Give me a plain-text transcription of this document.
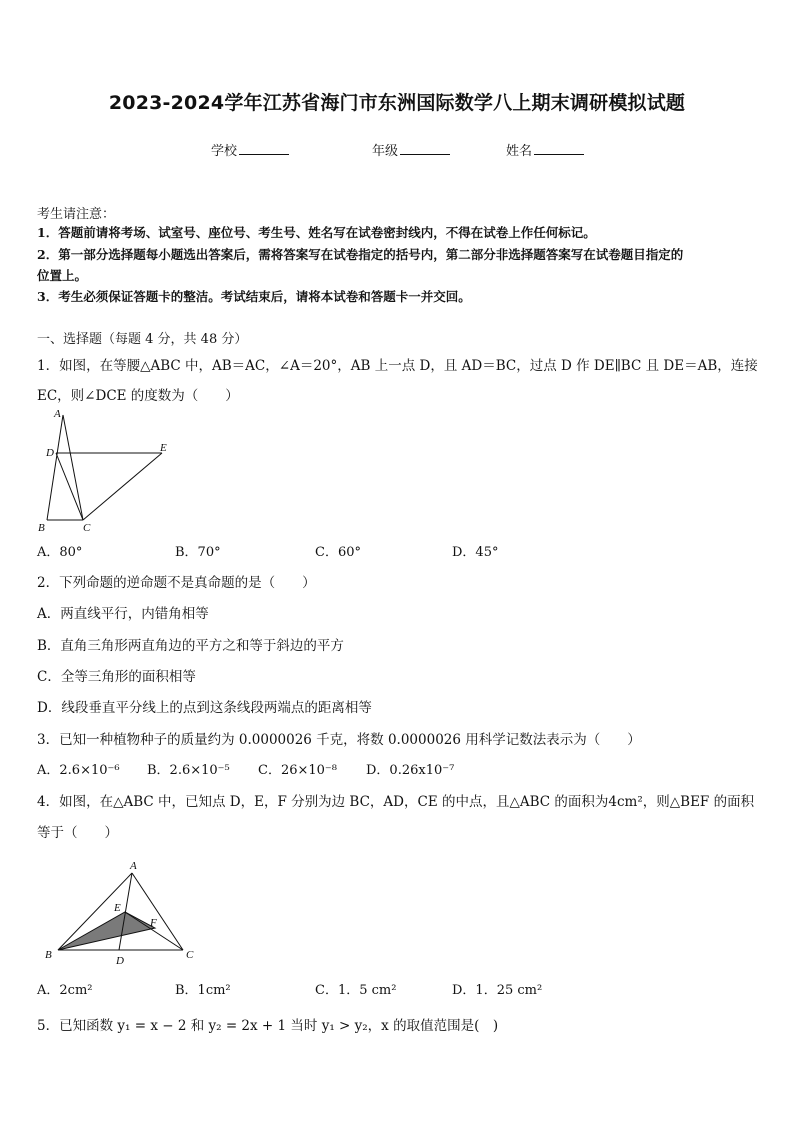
2023-2024学年江苏省海门市东洲国际数学八上期末调研模拟试题
学校	年级	姓名
考生请注意：
1．答题前请将考场、试室号、座位号、考生号、姓名写在试卷密封线内，不得在试卷上作任何标记。
2．第一部分选择题每小题选出答案后，需将答案写在试卷指定的括号内，第二部分非选择题答案写在试卷题目指定的
位置上。
3．考生必须保证答题卡的整洁。考试结束后，请将本试卷和答题卡一并交回。
一、选择题（每题 4 分，共 48 分）
1．如图，在等腰△ABC 中，AB＝AC，∠A＝20°，AB 上一点 D，且 AD＝BC，过点 D 作 DE∥BC 且 DE＝AB，连接
EC，则∠DCE 的度数为（　　）
A
D	E
B	C
A．80°	B．70°	C．60°	D．45°
2．下列命题的逆命题不是真命题的是（　　）
A．两直线平行，内错角相等
B．直角三角形两直角边的平方之和等于斜边的平方
C．全等三角形的面积相等
D．线段垂直平分线上的点到这条线段两端点的距离相等
3．已知一种植物种子的质量约为 0.0000026 千克，将数 0.0000026 用科学记数法表示为（　　）
A．2.6×10⁻⁶ B．2.6×10⁻⁵ C．26×10⁻⁸ D．0.26x10⁻⁷
4．如图，在△ABC 中，已知点 D，E，F 分别为边 BC，AD，CE 的中点，且△ABC 的面积为4cm²，则△BEF 的面积
等于（　　）
A
E
F
B	D	C
A．2cm²	B．1cm²	C．1．5 cm²	D．1．25 cm²
5．已知函数 y₁ = x − 2 和 y₂ = 2x + 1 当时 y₁ > y₂，x 的取值范围是(　)
